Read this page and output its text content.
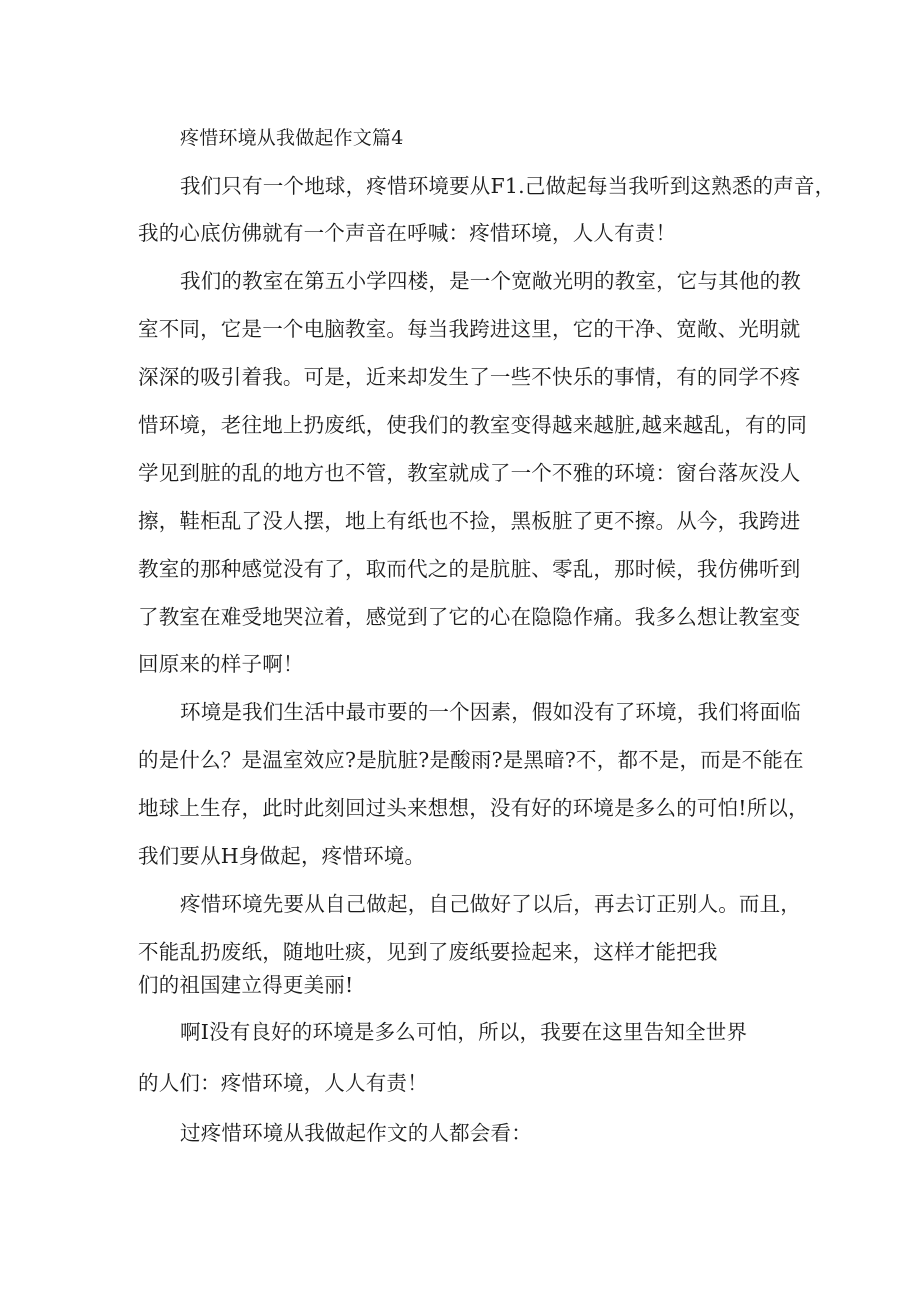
疼惜环境从我做起作文篇4
我们只有一个地球，疼惜环境要从F1.己做起每当我听到这熟悉的声音，
我的心底仿佛就有一个声音在呼喊：疼惜环境，人人有责！
我们的教室在第五小学四楼，是一个宽敞光明的教室，它与其他的教
室不同，它是一个电脑教室。每当我跨进这里，它的干净、宽敞、光明就
深深的吸引着我。可是，近来却发生了一些不快乐的事情，有的同学不疼
惜环境，老往地上扔废纸，使我们的教室变得越来越脏,越来越乱，有的同
学见到脏的乱的地方也不管，教室就成了一个不雅的环境：窗台落灰没人
擦，鞋柜乱了没人摆，地上有纸也不捡，黑板脏了更不擦。从今，我跨进
教室的那种感觉没有了，取而代之的是肮脏、零乱，那时候，我仿佛听到
了教室在难受地哭泣着，感觉到了它的心在隐隐作痛。我多么想让教室变
回原来的样子啊！
环境是我们生活中最市要的一个因素，假如没有了环境，我们将面临
的是什么？是温室效应?是肮脏?是酸雨?是黑暗?不，都不是，而是不能在
地球上生存，此时此刻回过头来想想，没有好的环境是多么的可怕!所以，
我们要从H身做起，疼惜环境。
疼惜环境先要从自己做起，自己做好了以后，再去订正别人。而且，
不能乱扔废纸，随地吐痰，见到了废纸要捡起来，这样才能把我
们的祖国建立得更美丽!
啊I没有良好的环境是多么可怕，所以，我要在这里告知全世界
的人们：疼惜环境，人人有责！
过疼惜环境从我做起作文的人都会看：
